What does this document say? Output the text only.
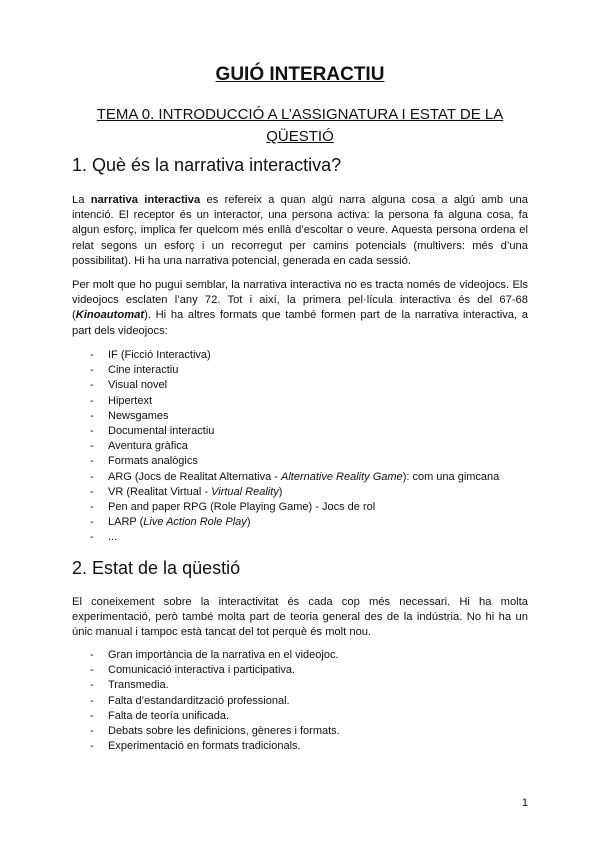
GUIÓ INTERACTIU
TEMA 0. INTRODUCCIÓ A L’ASSIGNATURA I ESTAT DE LA QÜESTIÓ
1. Què és la narrativa interactiva?

La narrativa interactiva es refereix a quan algú narra alguna cosa a algú amb una intenció. El receptor és un interactor, una persona activa: la persona fa alguna cosa, fa algun esforç, implica fer quelcom més enllà d’escoltar o veure. Aquesta persona ordena el relat segons un esforç i un recorregut per camins potencials (multivers: més d’una possibilitat). Hi ha una narrativa potencial, generada en cada sessió.

Per molt que ho pugui semblar, la narrativa interactiva no es tracta només de videojocs. Els videojocs esclaten l’any 72. Tot i així, la primera pel·lícula interactiva és del 67-68 (Kinoautomat). Hi ha altres formats que també formen part de la narrativa interactiva, a part dels videojocs:

- IF (Ficció Interactiva)
- Cine interactiu
- Visual novel
- Hipertext
- Newsgames
- Documental interactiu
- Aventura gràfica
- Formats analògics
- ARG (Jocs de Realitat Alternativa - Alternative Reality Game): com una gimcana
- VR (Realitat Virtual - Virtual Reality)
- Pen and paper RPG (Role Playing Game) - Jocs de rol
- LARP (Live Action Role Play)
- ...
2. Estat de la qüestió

El coneixement sobre la interactivitat és cada cop més necessari. Hi ha molta experimentació, però també molta part de teoria general des de la indústria. No hi ha un únic manual i tampoc està tancat del tot perquè és molt nou.

- Gran importància de la narrativa en el videojoc.
- Comunicació interactiva i participativa.
- Transmedia.
- Falta d’estandardització professional.
- Falta de teoría unificada.
- Debats sobre les definicions, gèneres i formats.
- Experimentació en formats tradicionals.
1
